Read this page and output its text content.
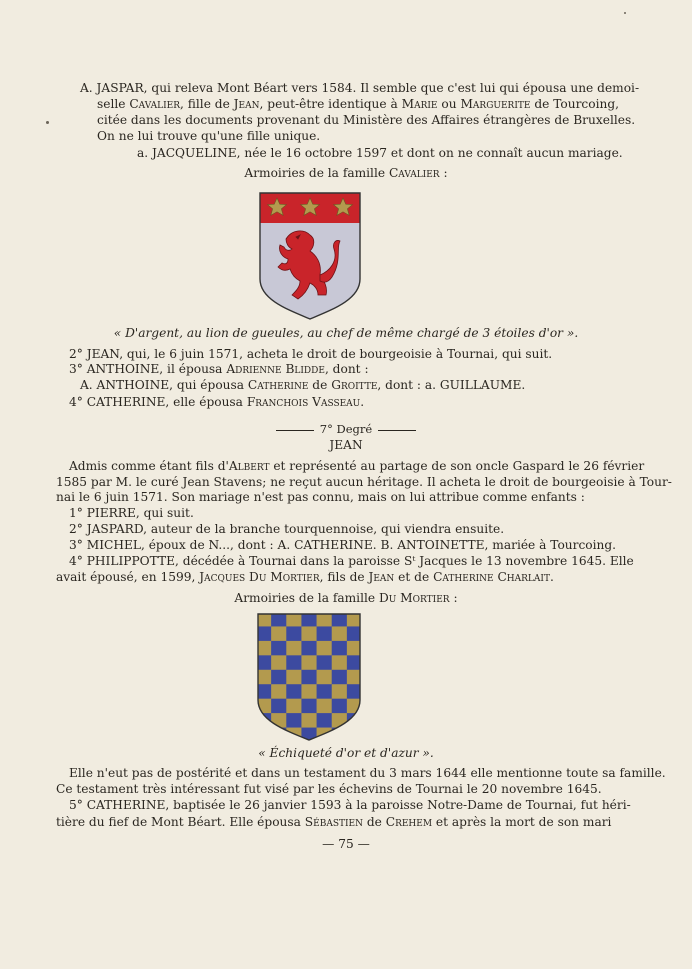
A. JASPAR, qui releva Mont Béart vers 1584. Il semble que c'est lui qui épousa une demoi-
selle Cavalier, fille de Jean, peut-être identique à Marie ou Marguerite de Tourcoing,
citée dans les documents provenant du Ministère des Affaires étrangères de Bruxelles.
On ne lui trouve qu'une fille unique.
a. JACQUELINE, née le 16 octobre 1597 et dont on ne connaît aucun mariage.
Armoiries de la famille Cavalier :
« D'argent, au lion de gueules, au chef de même chargé de 3 étoiles d'or ».
2° JEAN, qui, le 6 juin 1571, acheta le droit de bourgeoisie à Tournai, qui suit.
3° ANTHOINE, il épousa Adrienne Blidde, dont :
A. ANTHOINE, qui épousa Catherine de Groitte, dont : a. GUILLAUME.
4° CATHERINE, elle épousa Franchois Vasseau.
7° Degré
JEAN
Admis comme étant fils d'Albert et représenté au partage de son oncle Gaspard le 26 février
1585 par M. le curé Jean Stavens; ne reçut aucun héritage. Il acheta le droit de bourgeoisie à Tour-
nai le 6 juin 1571. Son mariage n'est pas connu, mais on lui attribue comme enfants :
1° PIERRE, qui suit.
2° JASPARD, auteur de la branche tourquennoise, qui viendra ensuite.
3° MICHEL, époux de N..., dont : A. CATHERINE. B. ANTOINETTE, mariée à Tourcoing.
4° PHILIPPOTTE, décédée à Tournai dans la paroisse Sᵗ Jacques le 13 novembre 1645. Elle
avait épousé, en 1599, Jacques Du Mortier, fils de Jean et de Catherine Charlait.
Armoiries de la famille Du Mortier :
« Échiqueté d'or et d'azur ».
Elle n'eut pas de postérité et dans un testament du 3 mars 1644 elle mentionne toute sa famille.
Ce testament très intéressant fut visé par les échevins de Tournai le 20 novembre 1645.
5° CATHERINE, baptisée le 26 janvier 1593 à la paroisse Notre-Dame de Tournai, fut héri-
tière du fief de Mont Béart. Elle épousa Sébastien de Crehem et après la mort de son mari
— 75 —
